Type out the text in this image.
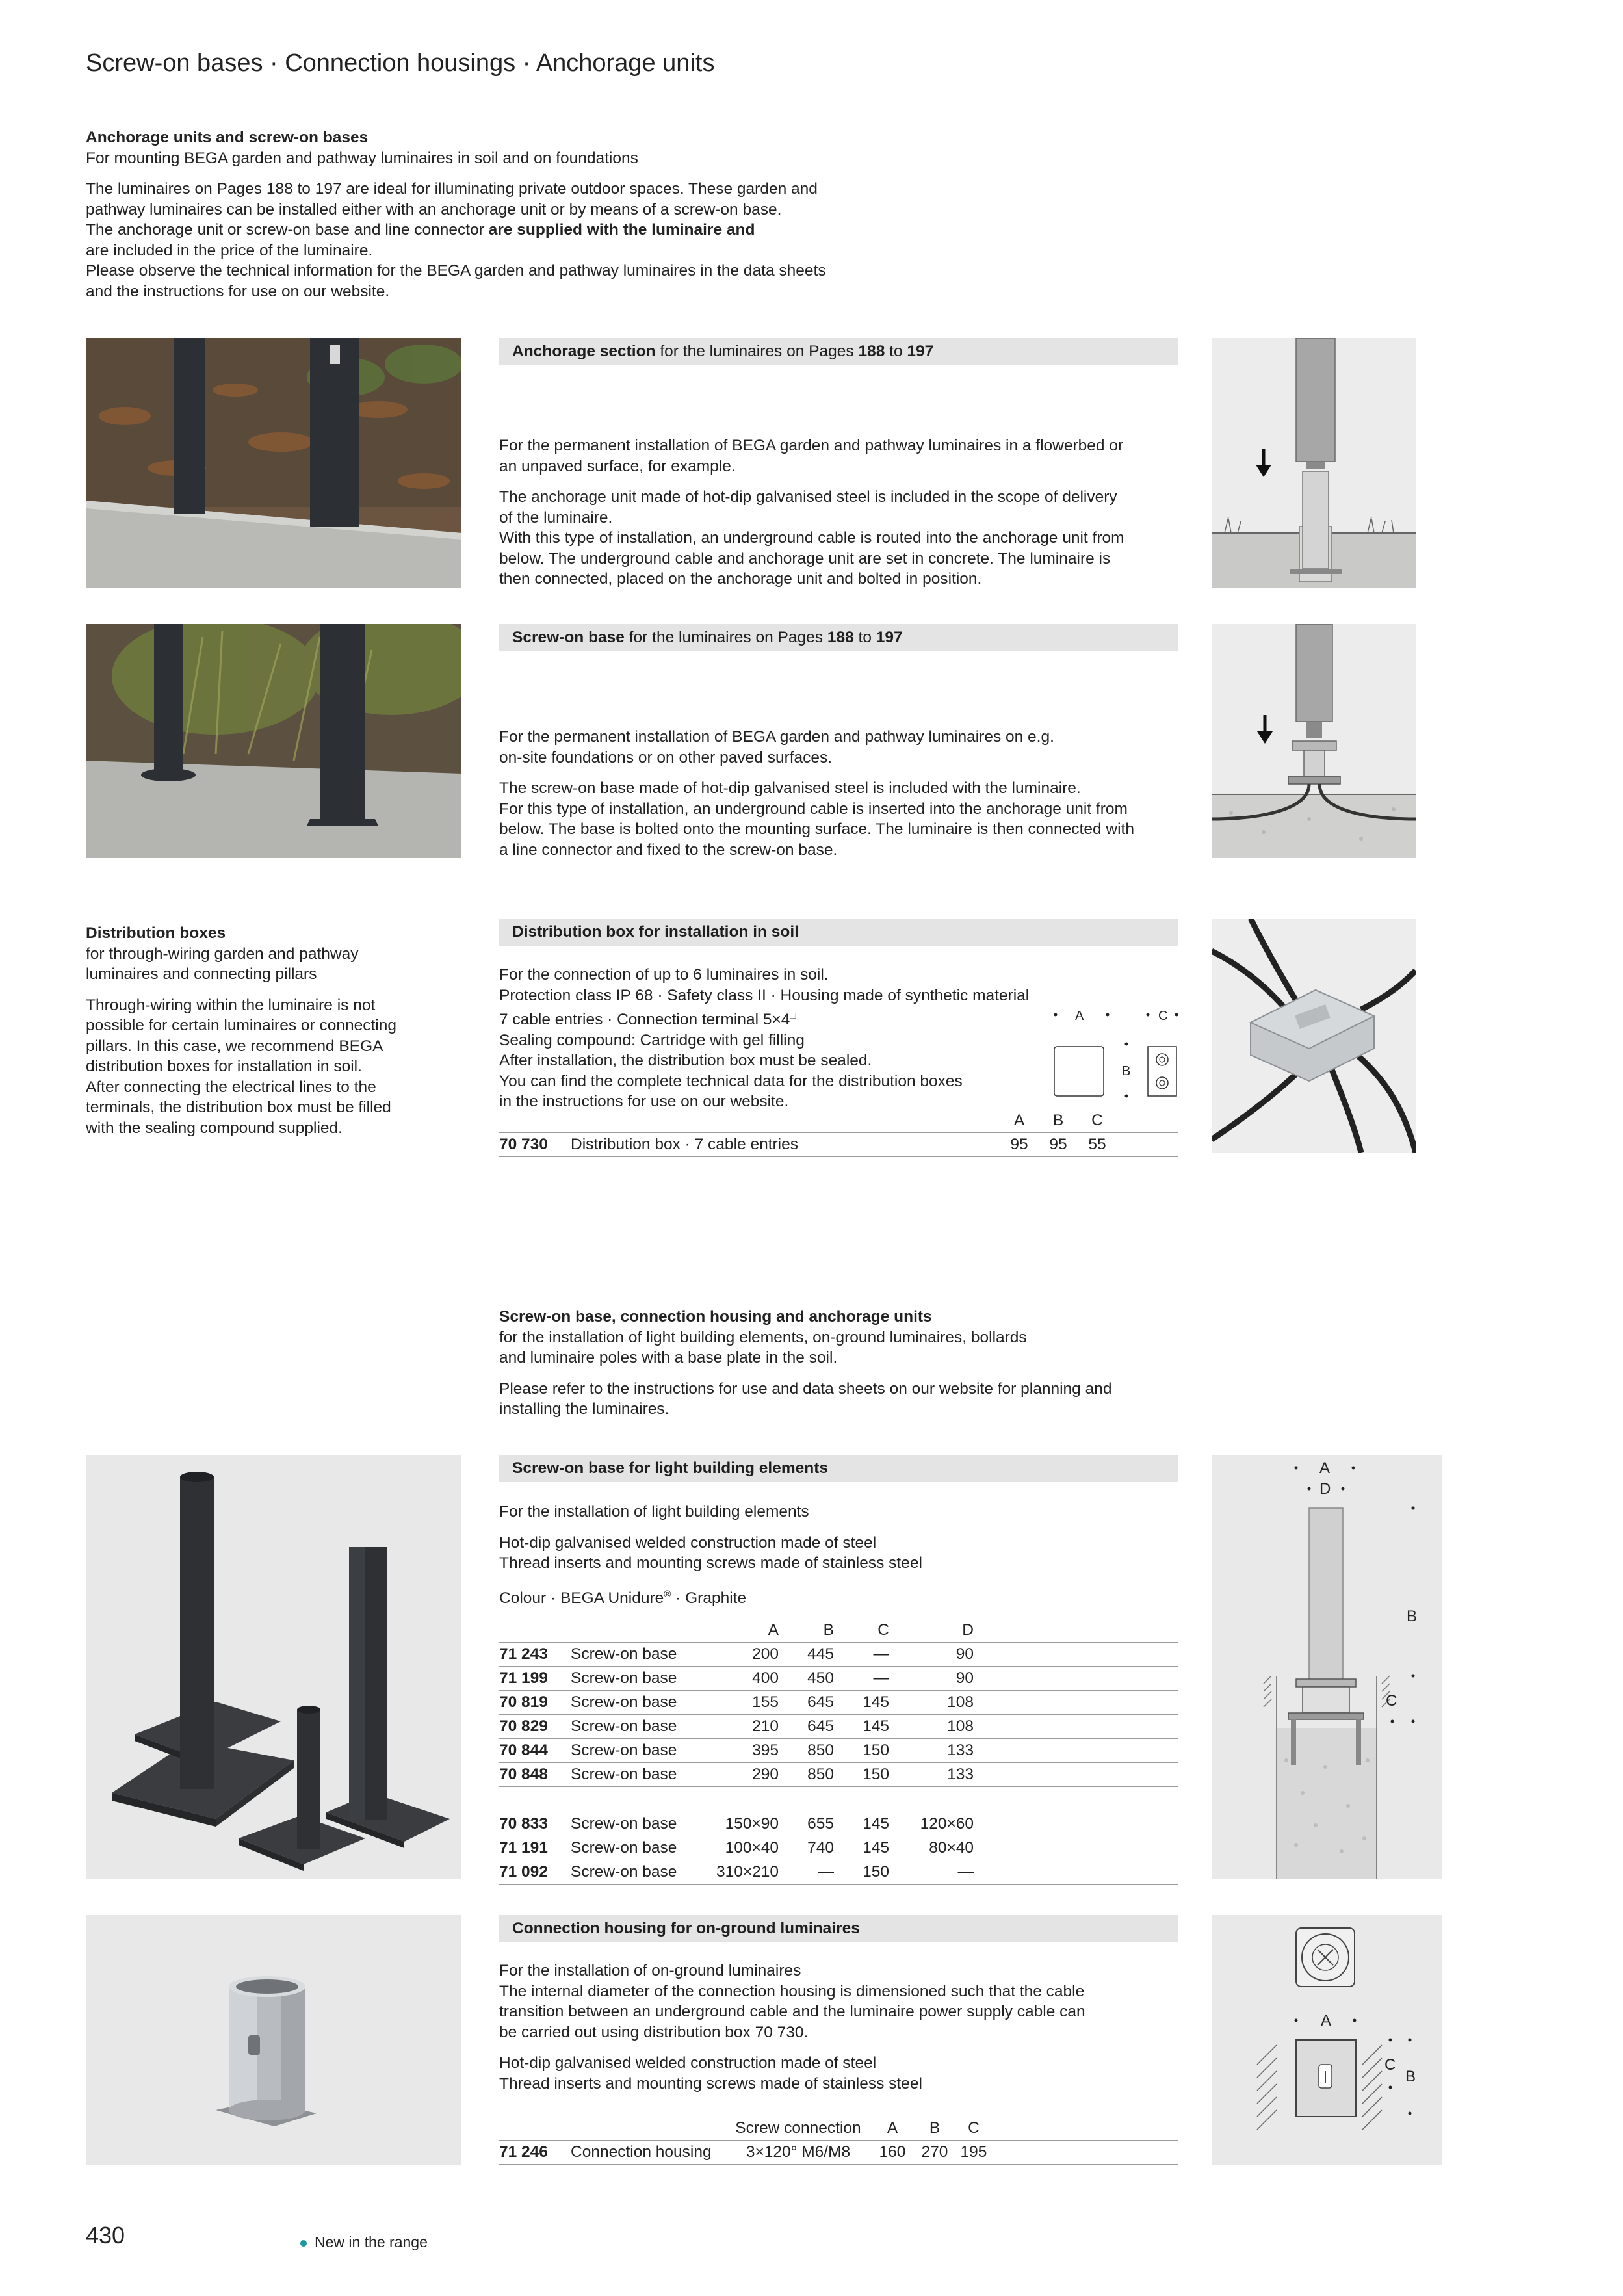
Screw-on bases · Connection housings · Anchorage units
Anchorage units and screw-on bases
For mounting BEGA garden and pathway luminaires in soil and on foundations
The luminaires on Pages 188 to 197 are ideal for illuminating private outdoor spaces. These garden and
pathway luminaires can be installed either with an anchorage unit or by means of a screw-on base.
The anchorage unit or screw-on base and line connector are supplied with the luminaire and
are included in the price of the luminaire.
Please observe the technical information for the BEGA garden and pathway luminaires in the data sheets
and the instructions for use on our website.
Anchorage section for the luminaires on Pages 188 to 197
For the permanent installation of BEGA garden and pathway luminaires in a flowerbed or
an unpaved surface, for example.
The anchorage unit made of hot-dip galvanised steel is included in the scope of delivery
of the luminaire.
With this type of installation, an underground cable is routed into the anchorage unit from
below. The underground cable and anchorage unit are set in concrete. The luminaire is
then connected, placed on the anchorage unit and bolted in position.
Screw-on base for the luminaires on Pages 188 to 197
For the permanent installation of BEGA garden and pathway luminaires on e.g.
on-site foundations or on other paved surfaces.
The screw-on base made of hot-dip galvanised steel is included with the luminaire.
For this type of installation, an underground cable is inserted into the anchorage unit from
below. The base is bolted onto the mounting surface. The luminaire is then connected with
a line connector and fixed to the screw-on base.
Distribution boxes
for through-wiring garden and pathway
luminaires and connecting pillars
Through-wiring within the luminaire is not
possible for certain luminaires or connecting
pillars. In this case, we recommend BEGA
distribution boxes for installation in soil.
After connecting the electrical lines to the
terminals, the distribution box must be filled
with the sealing compound supplied.
Distribution box for installation in soil
For the connection of up to 6 luminaires in soil.
Protection class IP 68 · Safety class II · Housing made of synthetic material
7 cable entries · Connection terminal 5×4□
Sealing compound: Cartridge with gel filling
After installation, the distribution box must be sealed.
You can find the complete technical data for the distribution boxes
in the instructions for use on our website.
A	C
B
		A	B	C	
70 730	Distribution box · 7 cable entries	95	95	55	
Screw-on base, connection housing and anchorage units
for the installation of light building elements, on-ground luminaires, bollards
and luminaire poles with a base plate in the soil.
Please refer to the instructions for use and data sheets on our website for planning and
installing the luminaires.
Screw-on base for light building elements
For the installation of light building elements
Hot-dip galvanised welded construction made of steel
Thread inserts and mounting screws made of stainless steel
Colour · BEGA Unidure® · Graphite
		A	B	C	D	
71 243	Screw-on base	200	445	—	90	
71 199	Screw-on base	400	450	—	90	
70 819	Screw-on base	155	645	145	108	
70 829	Screw-on base	210	645	145	108	
70 844	Screw-on base	395	850	150	133	
70 848	Screw-on base	290	850	150	133	

70 833	Screw-on base	150×90	655	145	120×60	
71 191	Screw-on base	100×40	740	145	80×40	
71 092	Screw-on base	310×210	—	150	—	
A
D
B
C
Connection housing for on-ground luminaires
For the installation of on-ground luminaires
The internal diameter of the connection housing is dimensioned such that the cable
transition between an underground cable and the luminaire power supply cable can
be carried out using distribution box 70 730.
Hot-dip galvanised welded construction made of steel
Thread inserts and mounting screws made of stainless steel
		Screw connection	A	B	C	
71 246	Connection housing	3×120° M6/M8	160	270	195	
A
C
B
430	New in the range
